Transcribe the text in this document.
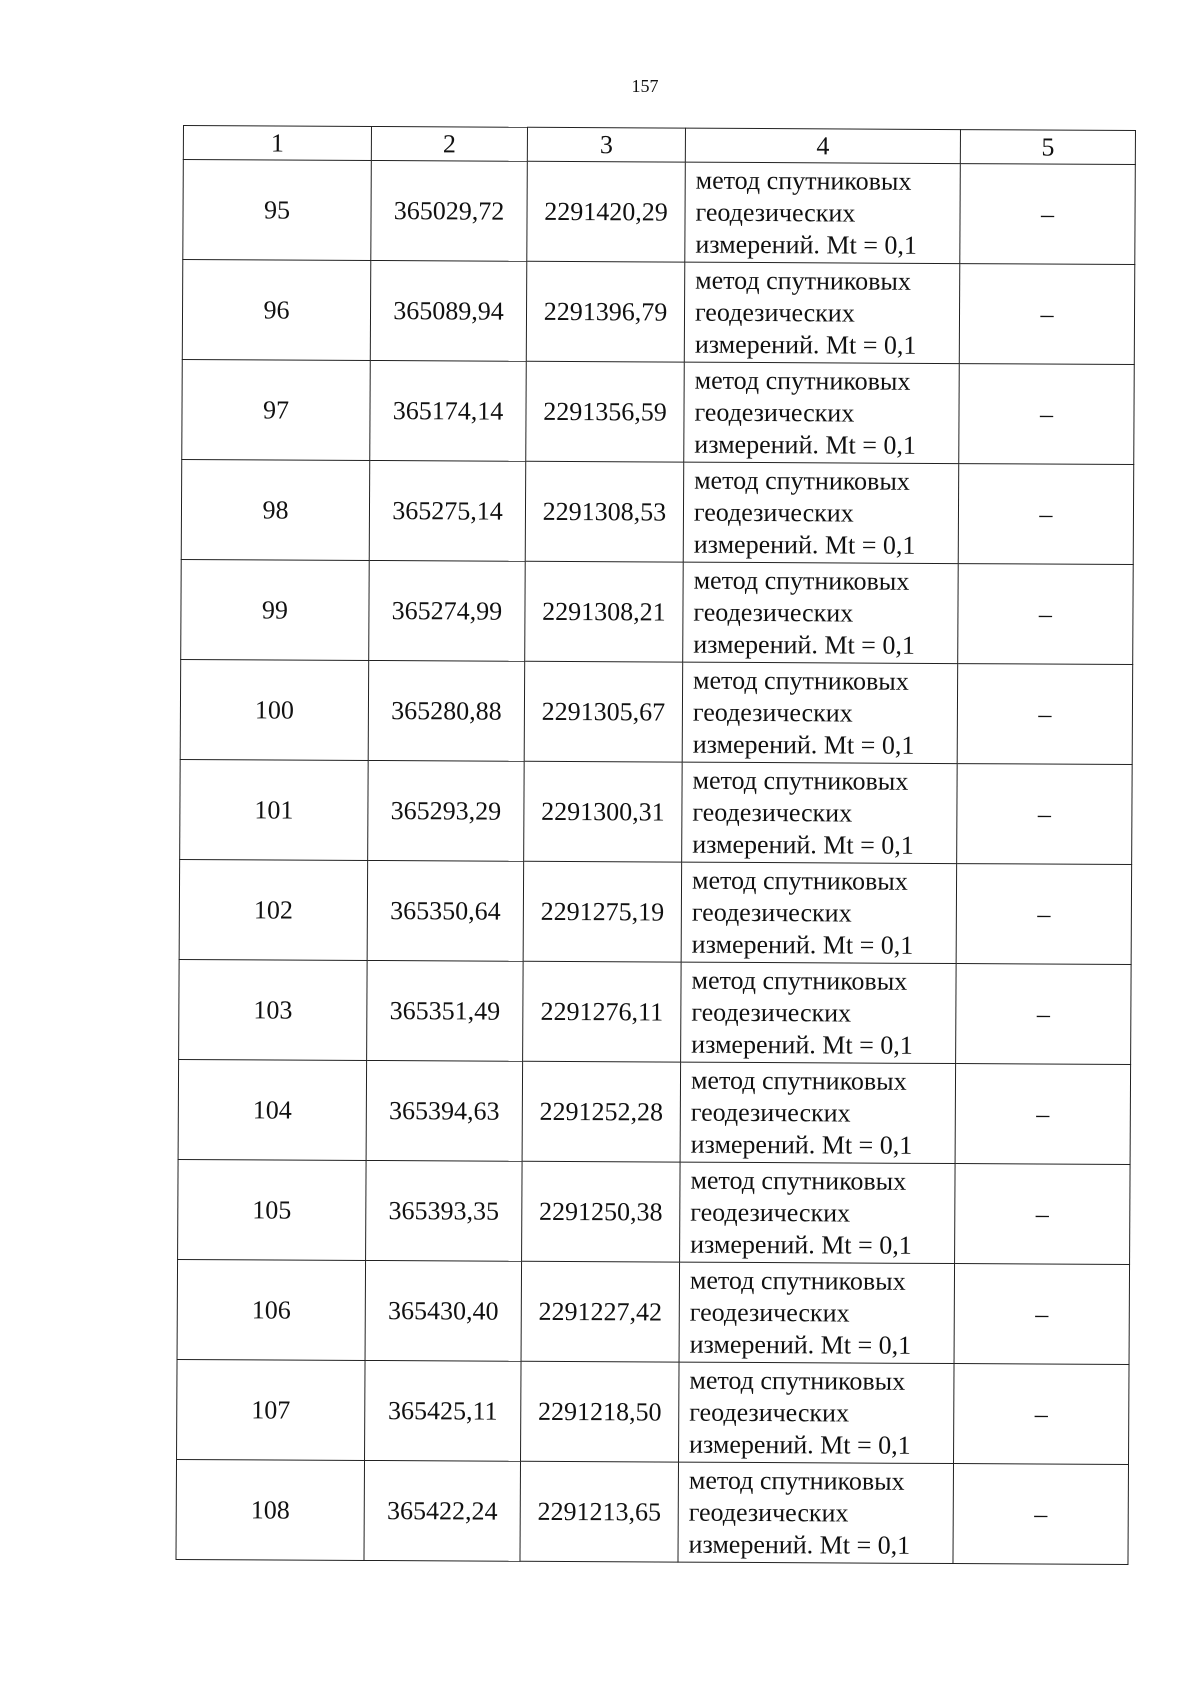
157
1	2	3	4	5
95	365029,72	2291420,29	метод спутниковых
геодезических
измерений. Mt = 0,1	–
96	365089,94	2291396,79	метод спутниковых
геодезических
измерений. Mt = 0,1	–
97	365174,14	2291356,59	метод спутниковых
геодезических
измерений. Mt = 0,1	–
98	365275,14	2291308,53	метод спутниковых
геодезических
измерений. Mt = 0,1	–
99	365274,99	2291308,21	метод спутниковых
геодезических
измерений. Mt = 0,1	–
100	365280,88	2291305,67	метод спутниковых
геодезических
измерений. Mt = 0,1	–
101	365293,29	2291300,31	метод спутниковых
геодезических
измерений. Mt = 0,1	–
102	365350,64	2291275,19	метод спутниковых
геодезических
измерений. Mt = 0,1	–
103	365351,49	2291276,11	метод спутниковых
геодезических
измерений. Mt = 0,1	–
104	365394,63	2291252,28	метод спутниковых
геодезических
измерений. Mt = 0,1	–
105	365393,35	2291250,38	метод спутниковых
геодезических
измерений. Mt = 0,1	–
106	365430,40	2291227,42	метод спутниковых
геодезических
измерений. Mt = 0,1	–
107	365425,11	2291218,50	метод спутниковых
геодезических
измерений. Mt = 0,1	–
108	365422,24	2291213,65	метод спутниковых
геодезических
измерений. Mt = 0,1	–
